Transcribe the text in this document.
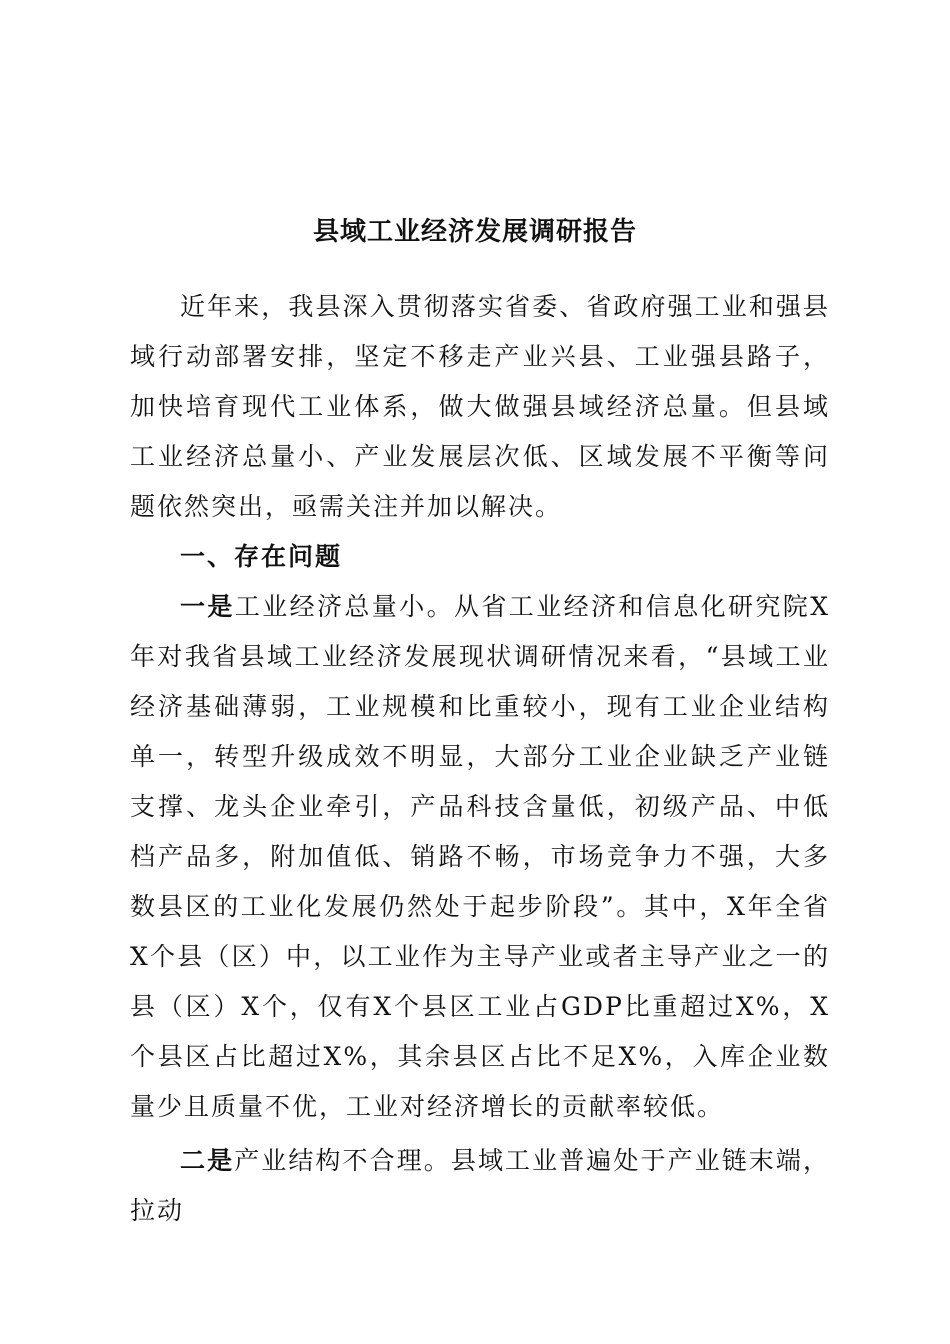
县域工业经济发展调研报告

近年来，我县深入贯彻落实省委、省政府强工业和强县域行动部署安排，坚定不移走产业兴县、工业强县路子，加快培育现代工业体系，做大做强县域经济总量。但县域工业经济总量小、产业发展层次低、区域发展不平衡等问题依然突出，亟需关注并加以解决。

一、存在问题

一是工业经济总量小。从省工业经济和信息化研究院X年对我省县域工业经济发展现状调研情况来看，“县域工业经济基础薄弱，工业规模和比重较小，现有工业企业结构单一，转型升级成效不明显，大部分工业企业缺乏产业链支撑、龙头企业牵引，产品科技含量低，初级产品、中低档产品多，附加值低、销路不畅，市场竞争力不强，大多数县区的工业化发展仍然处于起步阶段”。其中，X年全省X个县（区）中，以工业作为主导产业或者主导产业之一的县（区）X个，仅有X个县区工业占GDP比重超过X%，X个县区占比超过X%，其余县区占比不足X%，入库企业数量少且质量不优，工业对经济增长的贡献率较低。

二是产业结构不合理。县域工业普遍处于产业链末端，拉动
